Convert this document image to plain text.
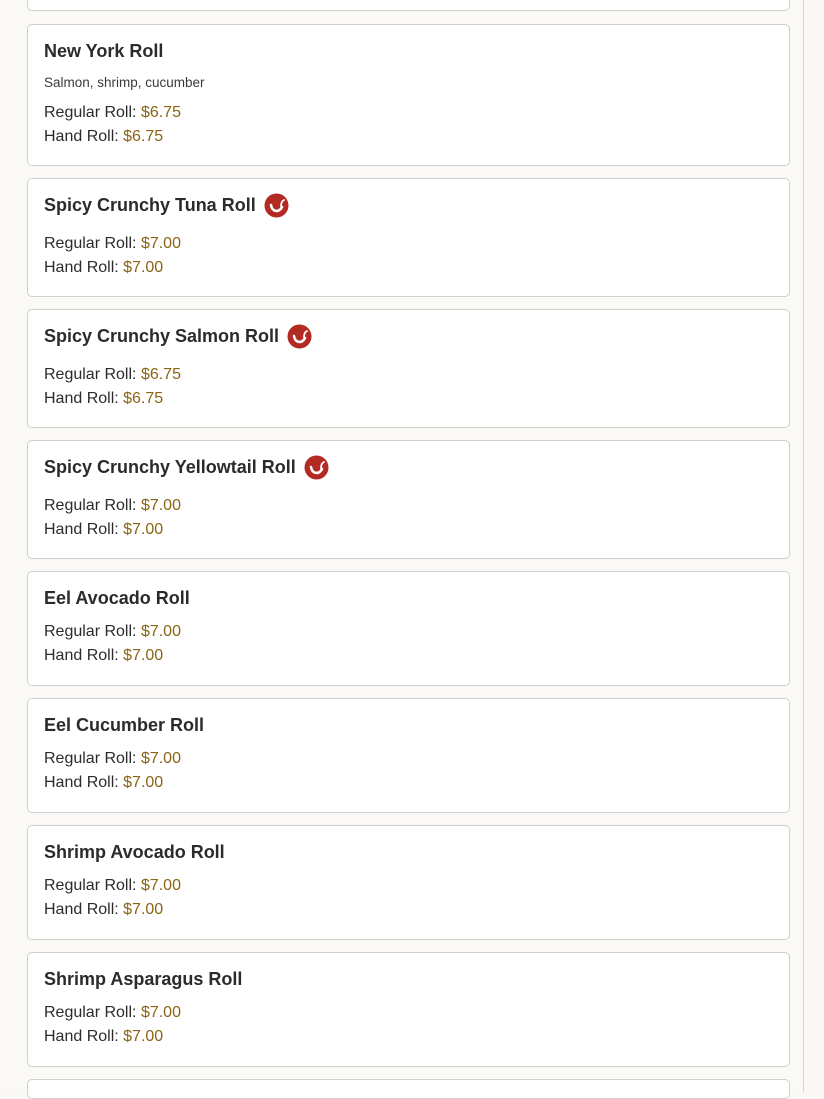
New York Roll
Salmon, shrimp, cucumber
Regular Roll: $6.75
Hand Roll: $6.75
Spicy Crunchy Tuna Roll
Regular Roll: $7.00
Hand Roll: $7.00
Spicy Crunchy Salmon Roll
Regular Roll: $6.75
Hand Roll: $6.75
Spicy Crunchy Yellowtail Roll
Regular Roll: $7.00
Hand Roll: $7.00
Eel Avocado Roll
Regular Roll: $7.00
Hand Roll: $7.00
Eel Cucumber Roll
Regular Roll: $7.00
Hand Roll: $7.00
Shrimp Avocado Roll
Regular Roll: $7.00
Hand Roll: $7.00
Shrimp Asparagus Roll
Regular Roll: $7.00
Hand Roll: $7.00
